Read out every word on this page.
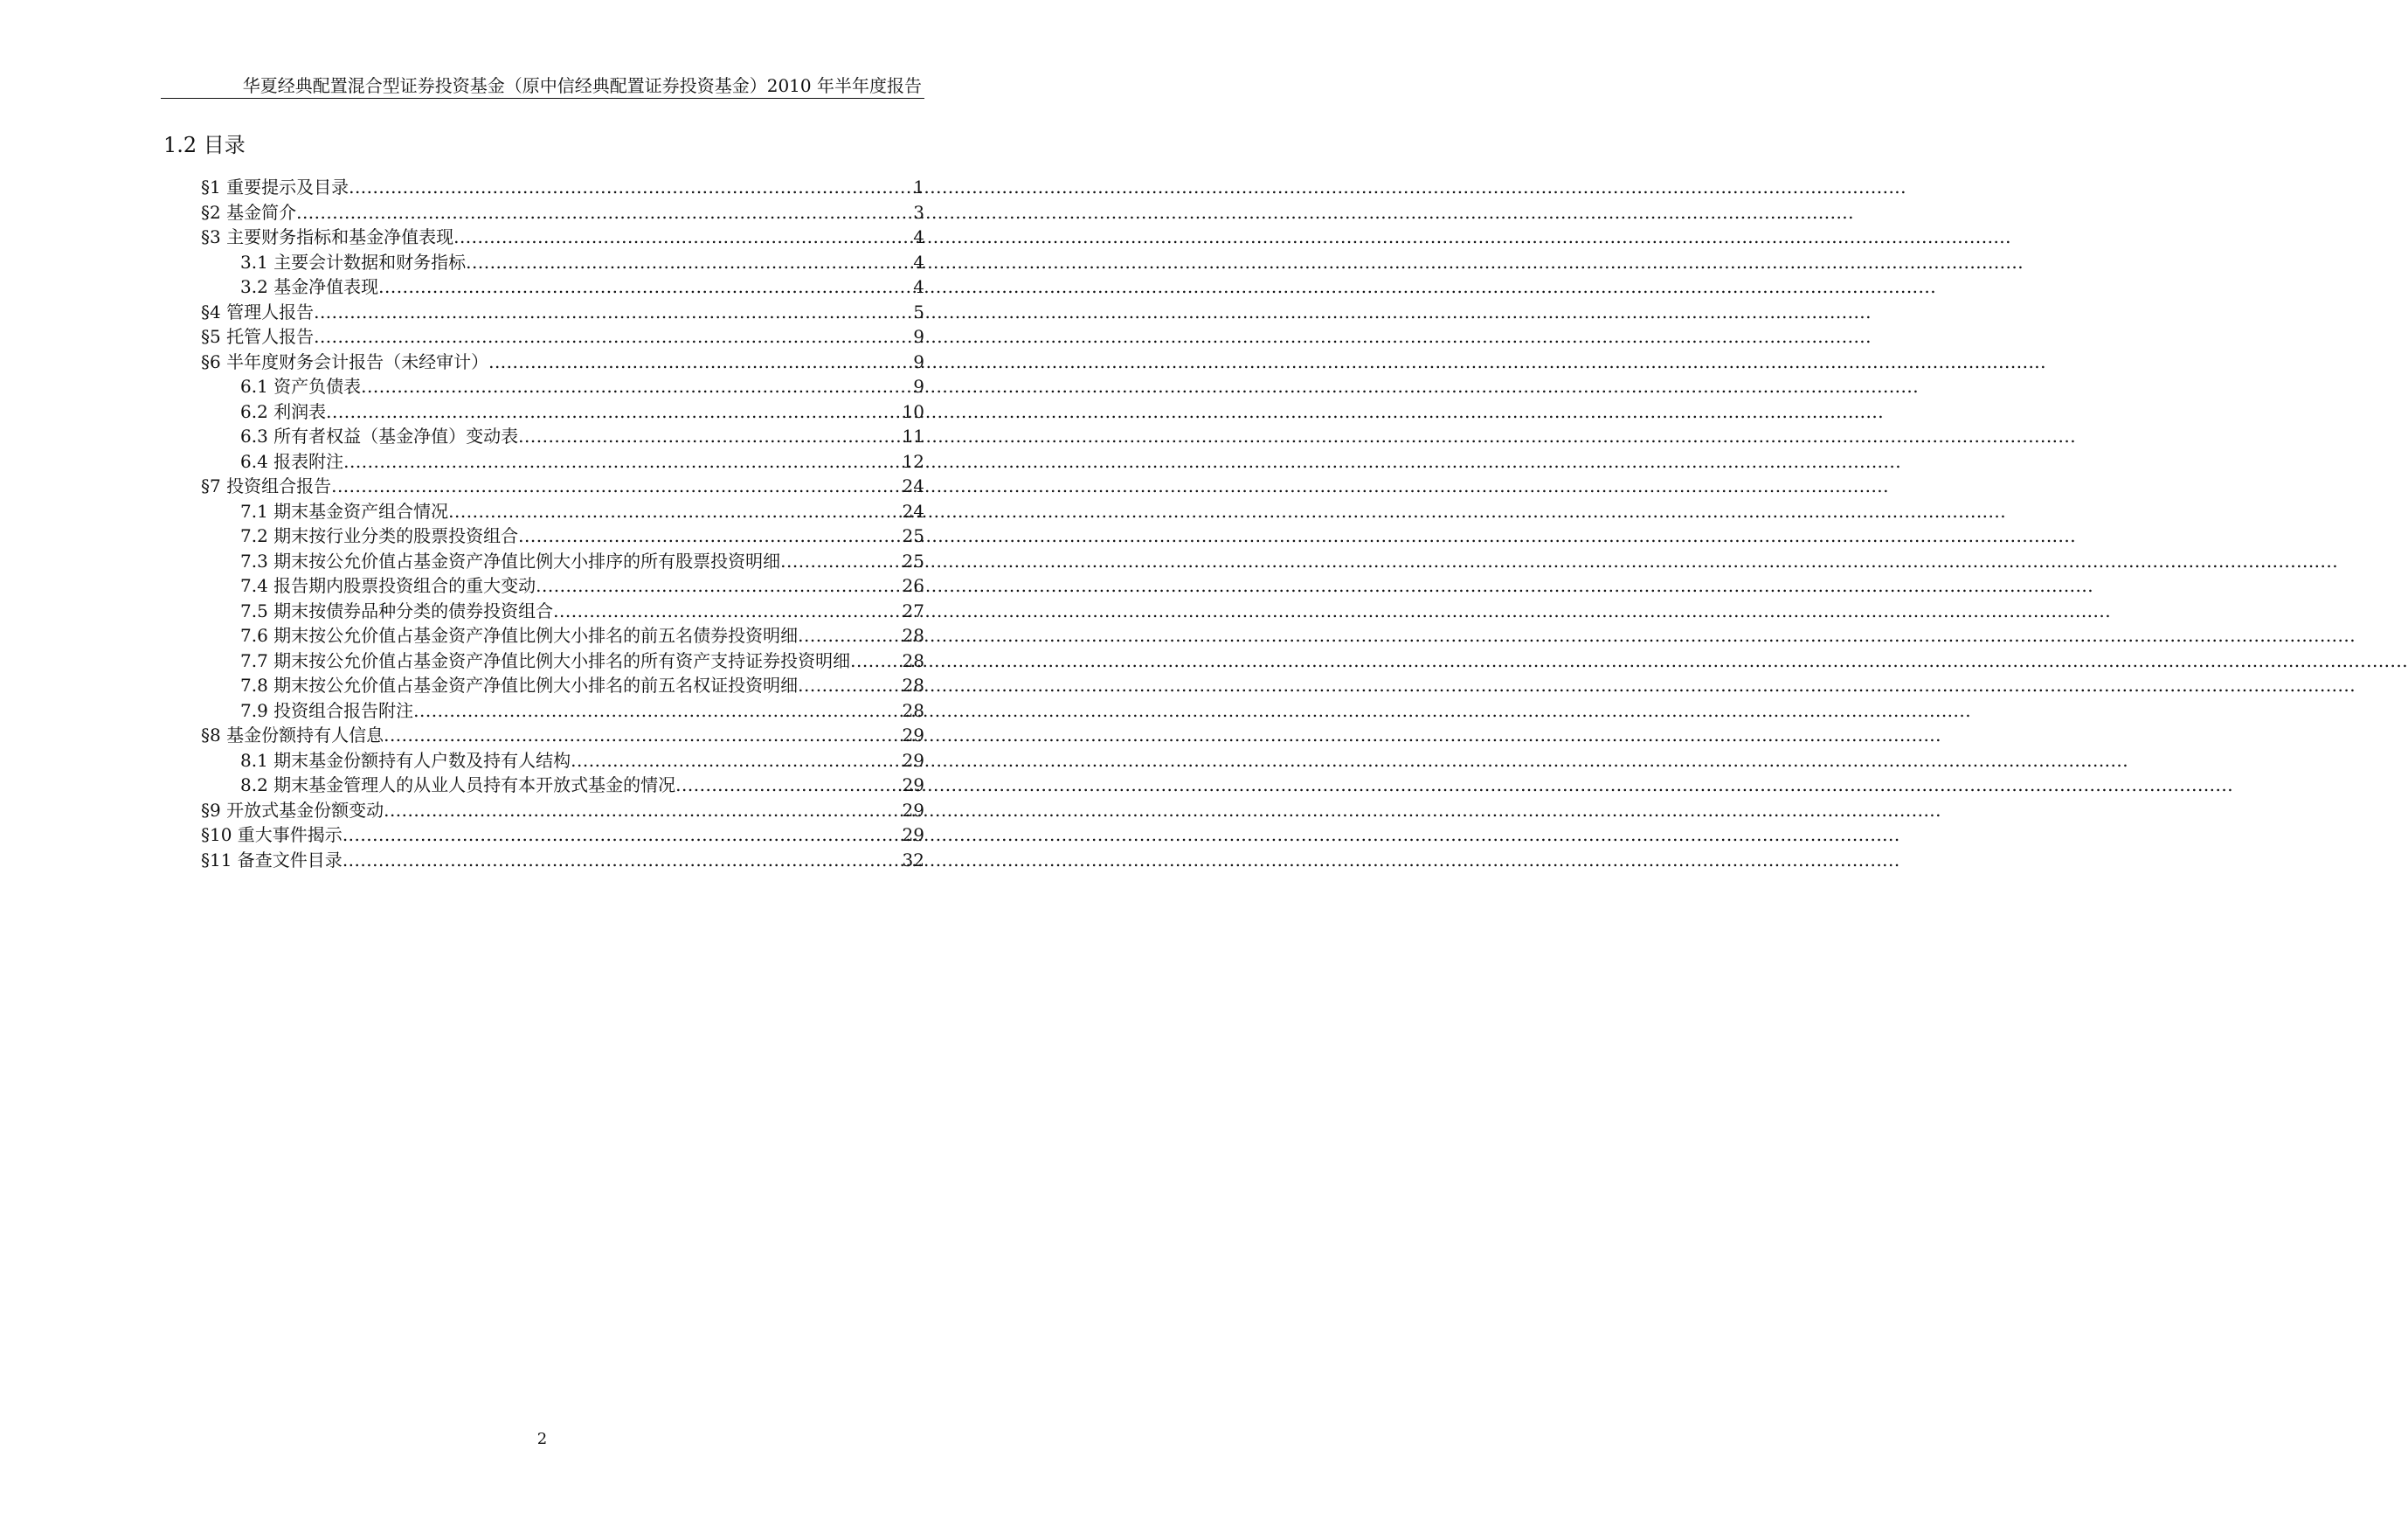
华夏经典配置混合型证券投资基金（原中信经典配置证券投资基金）2010 年半年度报告
1.2 目录
§1 重要提示及目录 .....	1
§2 基金简介 .....	3
§3 主要财务指标和基金净值表现 .....	4
3.1 主要会计数据和财务指标 .....	4
3.2 基金净值表现 .....	4
§4 管理人报告 .....	5
§5 托管人报告 .....	9
§6 半年度财务会计报告（未经审计） .....	9
6.1 资产负债表 .....	9
6.2 利润表 .....	10
6.3 所有者权益（基金净值）变动表 .....	11
6.4 报表附注 .....	12
§7 投资组合报告 .....	24
7.1 期末基金资产组合情况 .....	24
7.2 期末按行业分类的股票投资组合 .....	25
7.3 期末按公允价值占基金资产净值比例大小排序的所有股票投资明细 .....	25
7.4 报告期内股票投资组合的重大变动 .....	26
7.5 期末按债券品种分类的债券投资组合 .....	27
7.6 期末按公允价值占基金资产净值比例大小排名的前五名债券投资明细 .....	28
7.7 期末按公允价值占基金资产净值比例大小排名的所有资产支持证券投资明细 .....	28
7.8 期末按公允价值占基金资产净值比例大小排名的前五名权证投资明细 .....	28
7.9 投资组合报告附注 .....	28
§8 基金份额持有人信息 .....	29
8.1 期末基金份额持有人户数及持有人结构 .....	29
8.2 期末基金管理人的从业人员持有本开放式基金的情况 .....	29
§9 开放式基金份额变动 .....	29
§10 重大事件揭示 .....	29
§11 备查文件目录 .....	32
2
